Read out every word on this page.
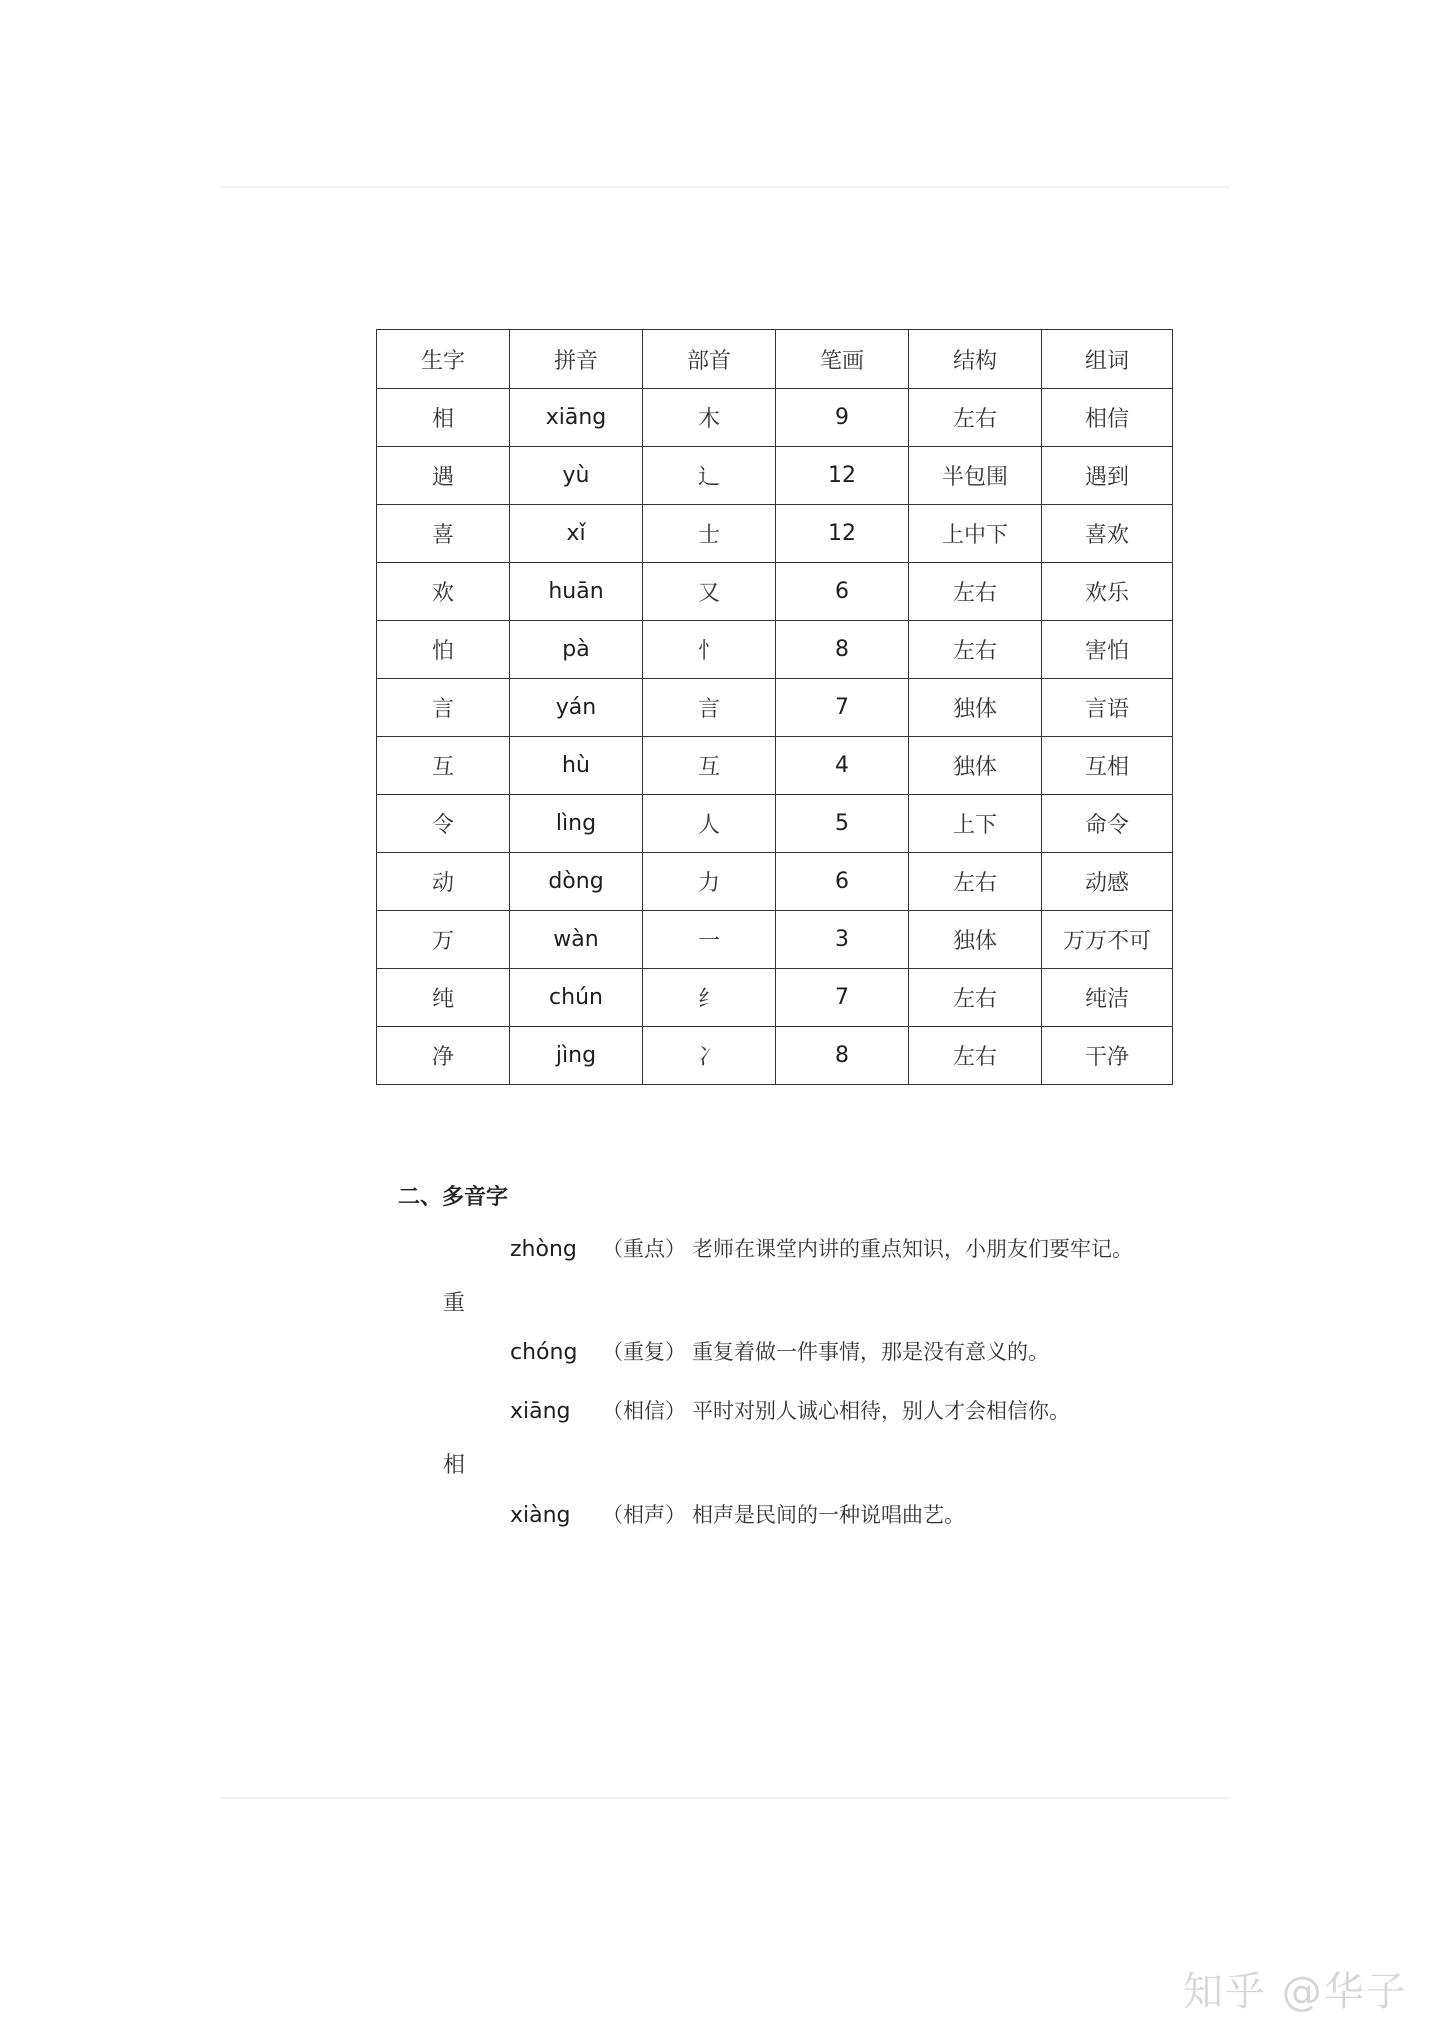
生字	拼音	部首	笔画	结构	组词
相	xiāng	木	9	左右	相信
遇	yù	辶	12	半包围	遇到
喜	xǐ	士	12	上中下	喜欢
欢	huān	又	6	左右	欢乐
怕	pà	忄	8	左右	害怕
言	yán	言	7	独体	言语
互	hù	互	4	独体	互相
令	lìng	人	5	上下	命令
动	dòng	力	6	左右	动感
万	wàn	一	3	独体	万万不可
纯	chún	纟	7	左右	纯洁
净	jìng	冫	8	左右	干净
二、多音字
zhòng （重点） 老师在课堂内讲的重点知识，小朋友们要牢记。
重
chóng （重复） 重复着做一件事情，那是没有意义的。
xiāng （相信） 平时对别人诚心相待，别人才会相信你。
相
xiàng （相声） 相声是民间的一种说唱曲艺。
知乎 @华子
